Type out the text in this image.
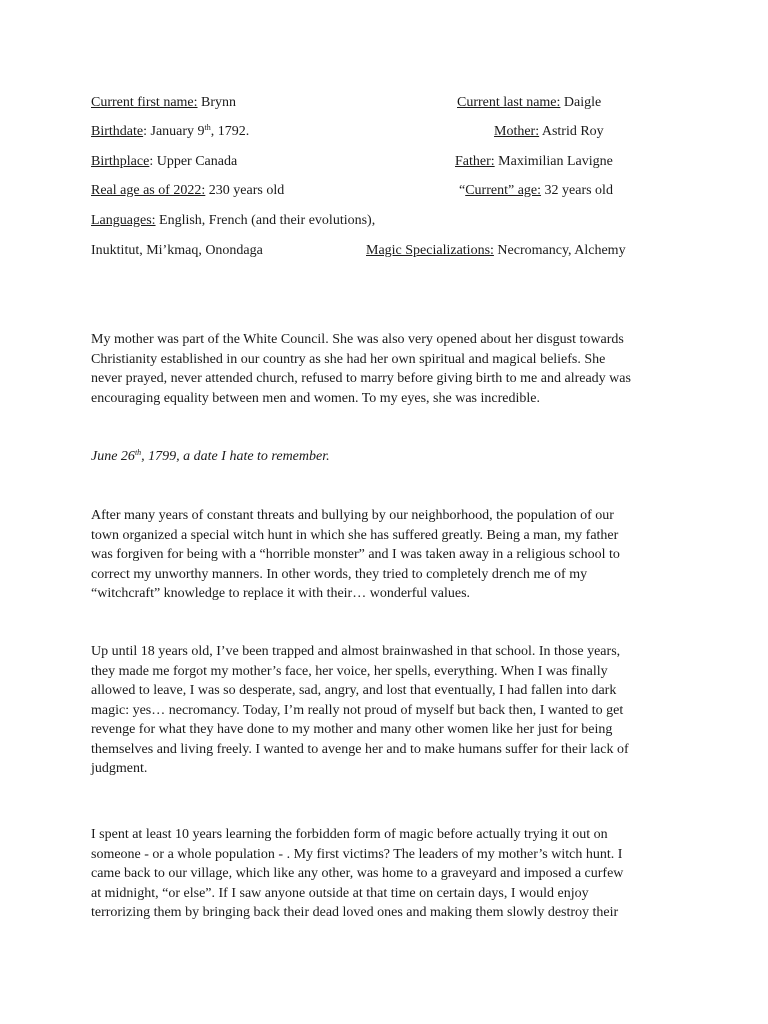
Current first name: Brynn	Current last name: Daigle
Birthdate: January 9th, 1792.	Mother: Astrid Roy
Birthplace: Upper Canada	Father: Maximilian Lavigne
Real age as of 2022: 230 years old	“Current” age: 32 years old
Languages: English, French (and their evolutions),
Inuktitut, Mi’kmaq, Onondaga	Magic Specializations: Necromancy, Alchemy

My mother was part of the White Council. She was also very opened about her disgust towards

Christianity established in our country as she had her own spiritual and magical beliefs. She

never prayed, never attended church, refused to marry before giving birth to me and already was

encouraging equality between men and women. To my eyes, she was incredible.

June 26th, 1799, a date I hate to remember.

After many years of constant threats and bullying by our neighborhood, the population of our

town organized a special witch hunt in which she has suffered greatly. Being a man, my father

was forgiven for being with a “horrible monster” and I was taken away in a religious school to

correct my unworthy manners. In other words, they tried to completely drench me of my

“witchcraft” knowledge to replace it with their… wonderful values.

Up until 18 years old, I’ve been trapped and almost brainwashed in that school. In those years,

they made me forgot my mother’s face, her voice, her spells, everything. When I was finally

allowed to leave, I was so desperate, sad, angry, and lost that eventually, I had fallen into dark

magic: yes… necromancy. Today, I’m really not proud of myself but back then, I wanted to get

revenge for what they have done to my mother and many other women like her just for being

themselves and living freely. I wanted to avenge her and to make humans suffer for their lack of

judgment.

I spent at least 10 years learning the forbidden form of magic before actually trying it out on

someone - or a whole population - . My first victims? The leaders of my mother’s witch hunt. I

came back to our village, which like any other, was home to a graveyard and imposed a curfew

at midnight, “or else”. If I saw anyone outside at that time on certain days, I would enjoy

terrorizing them by bringing back their dead loved ones and making them slowly destroy their
